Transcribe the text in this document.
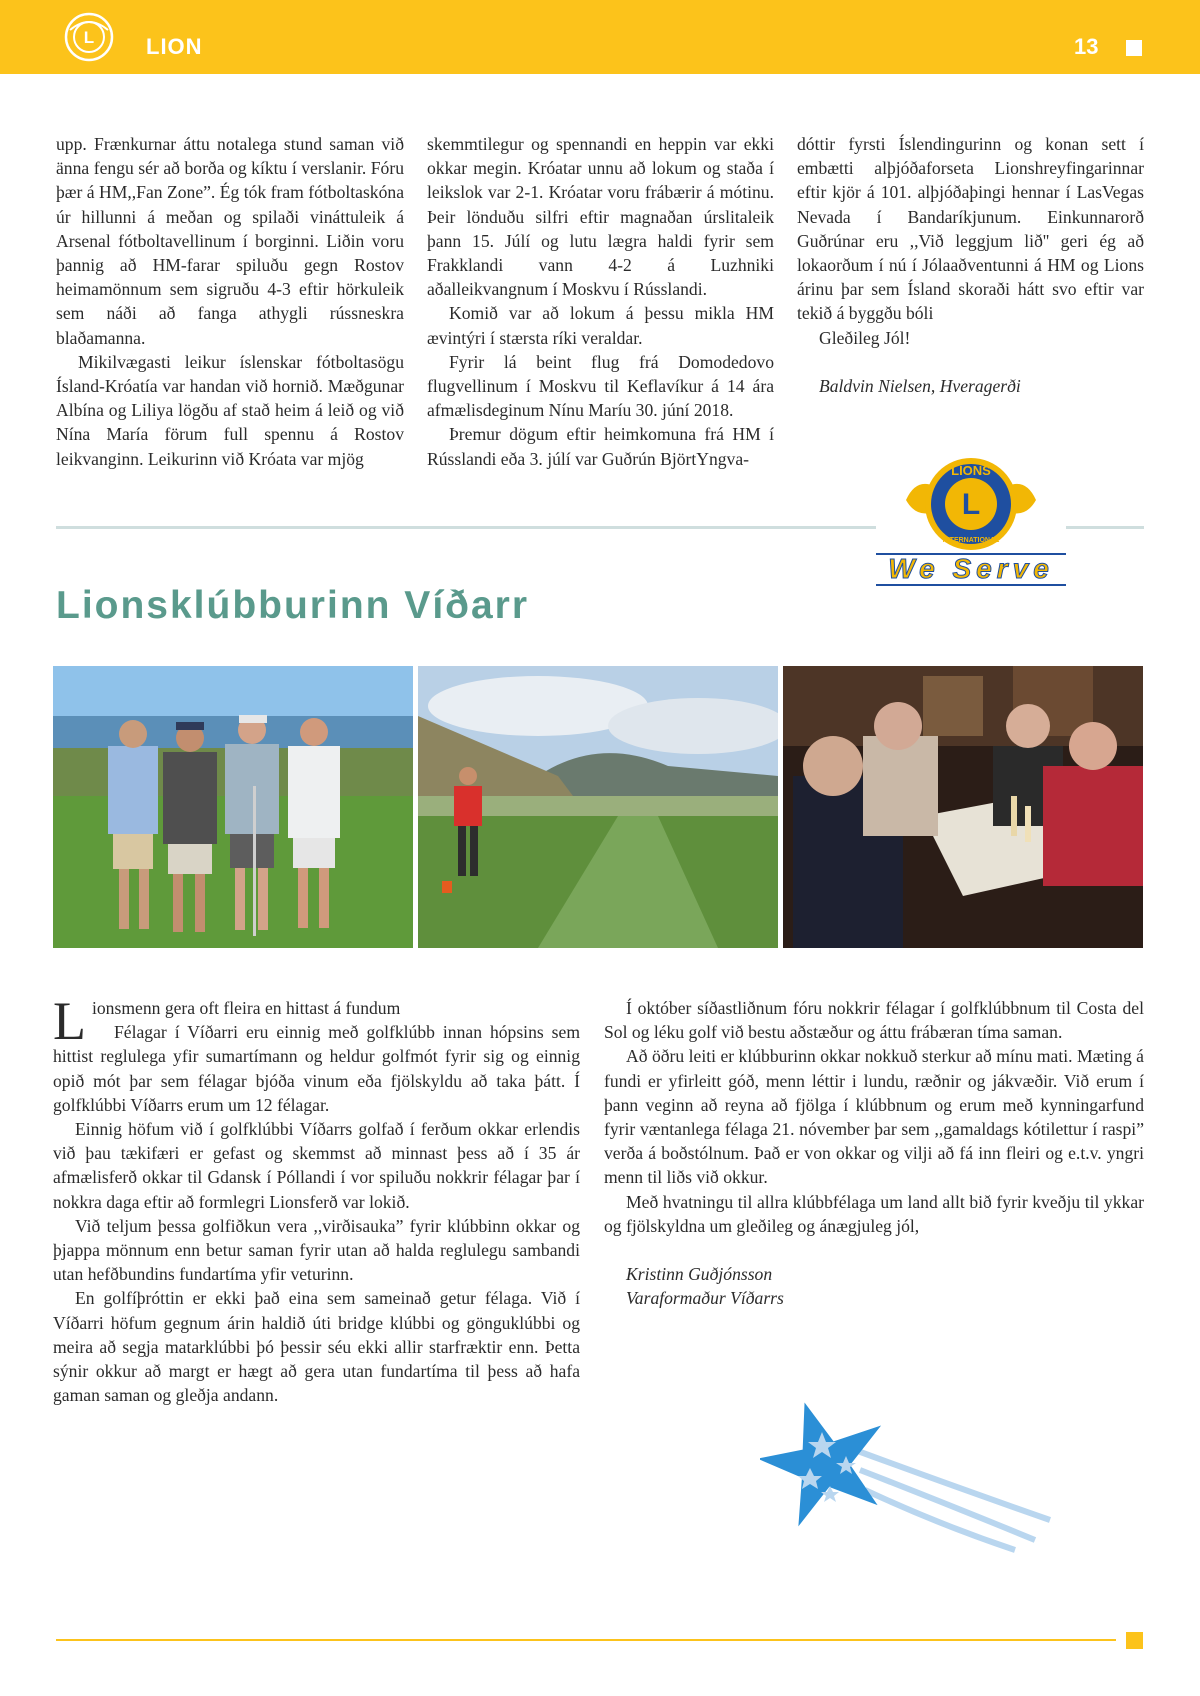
L LION	13

upp. Frænkurnar áttu notalega stund saman við änna fengu sér að borða og kíktu í verslanir. Fóru þær á HM,,Fan Zone”. Ég tók fram fótboltaskóna úr hillunni á meðan og spilaði vináttuleik á Arsenal fótboltavellinum í borginni. Liðin voru þannig að HM-farar spiluðu gegn Rostov heimamönnum sem sigruðu 4-3 eftir hörkuleik sem náði að fanga athygli rússneskra blaðamanna.

Mikilvægasti leikur íslenskar fótboltasögu Ísland-Króatía var handan við hornið. Mæðgunar Albína og Liliya lögðu af stað heim á leið og við Nína María förum full spennu á Rostov leikvanginn. Leikurinn við Króata var mjög

skemmtilegur og spennandi en heppin var ekki okkar megin. Króatar unnu að lokum og staða í leikslok var 2-1. Króatar voru frábærir á mótinu. Þeir lönduðu silfri eftir magnaðan úrslitaleik þann 15. Júlí og lutu lægra haldi fyrir sem Frakklandi vann 4-2 á Luzhniki aðalleikvangnum í Moskvu í Rússlandi.

Komið var að lokum á þessu mikla HM ævintýri í stærsta ríki veraldar.

Fyrir lá beint flug frá Domodedovo flugvellinum í Moskvu til Keflavíkur á 14 ára afmælisdeginum Nínu Maríu 30. júní 2018.

Þremur dögum eftir heimkomuna frá HM í Rússlandi eða 3. júlí var Guðrún BjörtYngva-

dóttir fyrsti Íslendingurinn og konan sett í embætti alþjóðaforseta Lionshreyfingarinnar eftir kjör á 101. alþjóðaþingi hennar í LasVegas Nevada í Bandaríkjunum. Einkunnarorð Guðrúnar eru ,,Við leggjum lið'' geri ég að lokaorðum í nú í Jólaaðventunni á HM og Lions árinu þar sem Ísland skoraði hátt svo eftir var tekið á byggðu bóli

Gleðileg Jól!

Baldvin Nielsen, Hveragerði

L
LIONS
INTERNATIONAL
We Serve
Lionsklúbburinn Víðarr

Lionsmenn gera oft fleira en hittast á fundum

Félagar í Víðarri eru einnig með golfklúbb innan hópsins sem hittist reglulega yfir sumartímann og heldur golfmót fyrir sig og einnig opið mót þar sem félagar bjóða vinum eða fjölskyldu að taka þátt. Í golfklúbbi Víðarrs erum um 12 félagar.

Einnig höfum við í golfklúbbi Víðarrs golfað í ferðum okkar erlendis við þau tækifæri er gefast og skemmst að minnast þess að í 35 ár afmælisferð okkar til Gdansk í Póllandi í vor spiluðu nokkrir félagar þar í nokkra daga eftir að formlegri Lionsferð var lokið.

Við teljum þessa golfiðkun vera ,,virðisauka” fyrir klúbbinn okkar og þjappa mönnum enn betur saman fyrir utan að halda reglulegu sambandi utan hefðbundins fundartíma yfir veturinn.

En golfíþróttin er ekki það eina sem sameinað getur félaga. Við í Víðarri höfum gegnum árin haldið úti bridge klúbbi og gönguklúbbi og meira að segja matarklúbbi þó þessir séu ekki allir starfræktir enn. Þetta sýnir okkur að margt er hægt að gera utan fundartíma til þess að hafa gaman saman og gleðja andann.

Í október síðastliðnum fóru nokkrir félagar í golfklúbbnum til Costa del Sol og léku golf við bestu aðstæður og áttu frábæran tíma saman.

Að öðru leiti er klúbburinn okkar nokkuð sterkur að mínu mati. Mæting á fundi er yfirleitt góð, menn léttir i lundu, ræðnir og jákvæðir. Við erum í þann veginn að reyna að fjölga í klúbbnum og erum með kynningarfund fyrir væntanlega félaga 21. nóvember þar sem ,,gamaldags kótilettur í raspi” verða á boðstólnum. Það er von okkar og vilji að fá inn fleiri og e.t.v. yngri menn til liðs við okkur.

Með hvatningu til allra klúbbfélaga um land allt bið fyrir kveðju til ykkar og fjölskyldna um gleðileg og ánægjuleg jól,

Kristinn Guðjónsson

Varaformaður Víðarrs
